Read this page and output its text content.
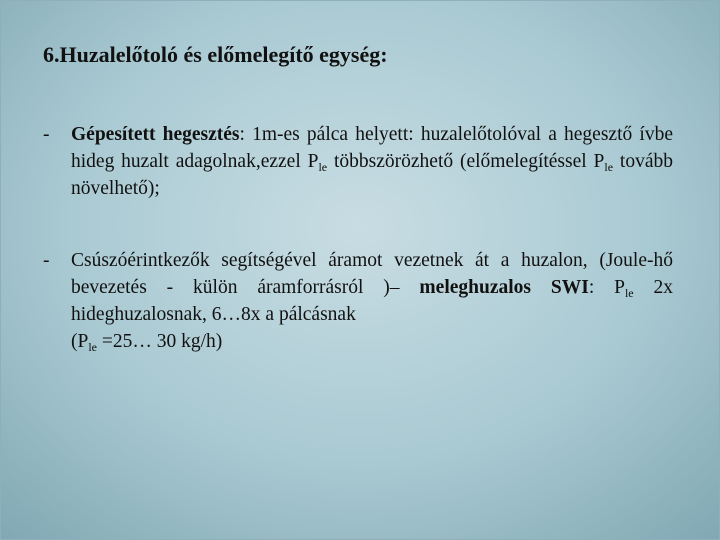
6.Huzalelőtoló és előmelegítő egység:
-	Gépesített hegesztés: 1m-es pálca helyett: huzalelőtolóval a hegesztő ívbe hideg huzalt adagolnak,ezzel $P_{le}$ többszörözhető (előmelegítéssel $P_{le}$ tovább növelhető);
-	Csúszóérintkezők segítségével áramot vezetnek át a huzalon, (Joule-hő bevezetés - külön áramforrásról )– meleghuzalos SWI: $P_{le}$ 2x hideghuzalosnak, 6…8x a pálcásnak
($P_{le}$ =25… 30 kg/h)
